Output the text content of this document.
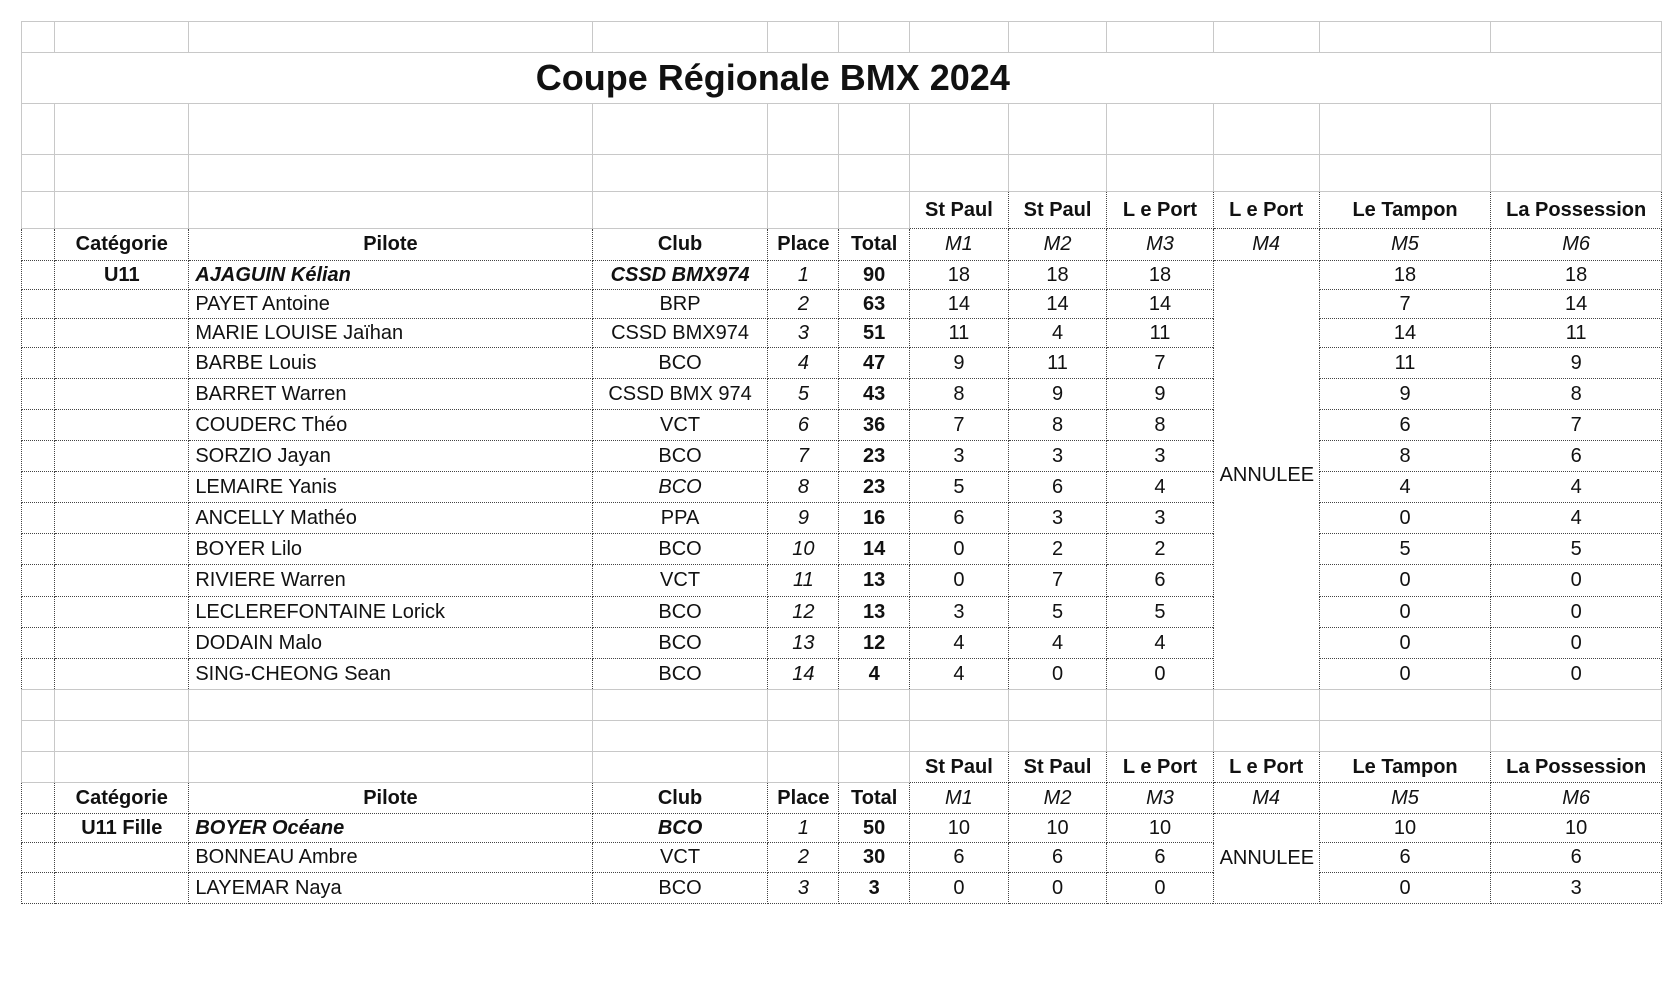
	Coupe Régionale BMX 2024										

						St Paul	St Paul	L e Port	L e Port	Le Tampon	La Possession
	Catégorie	Pilote	Club	Place	Total	M1	M2	M3	M4	M5	M6
	U11	AJAGUIN Kélian	CSSD BMX974	1	90	18	18	18	ANNULEE	18	18
		PAYET Antoine	BRP	2	63	14	14	14		7	14
		MARIE LOUISE Jaïhan	CSSD BMX974	3	51	11	4	11		14	11
		BARBE Louis	BCO	4	47	9	11	7		11	9
		BARRET Warren	CSSD BMX 974	5	43	8	9	9		9	8
		COUDERC Théo	VCT	6	36	7	8	8		6	7
		SORZIO Jayan	BCO	7	23	3	3	3		8	6
		LEMAIRE Yanis	BCO	8	23	5	6	4		4	4
		ANCELLY Mathéo	PPA	9	16	6	3	3		0	4
		BOYER Lilo	BCO	10	14	0	2	2		5	5
		RIVIERE Warren	VCT	11	13	0	7	6		0	0
		LECLEREFONTAINE Lorick	BCO	12	13	3	5	5		0	0
		DODAIN Malo	BCO	13	12	4	4	4		0	0
		SING-CHEONG Sean	BCO	14	4	4	0	0		0	0

						St Paul	St Paul	L e Port	L e Port	Le Tampon	La Possession
	Catégorie	Pilote	Club	Place	Total	M1	M2	M3	M4	M5	M6
	U11 Fille	BOYER Océane	BCO	1	50	10	10	10	ANNULEE	10	10
		BONNEAU Ambre	VCT	2	30	6	6	6		6	6
		LAYEMAR Naya	BCO	3	3	0	0	0		0	3
